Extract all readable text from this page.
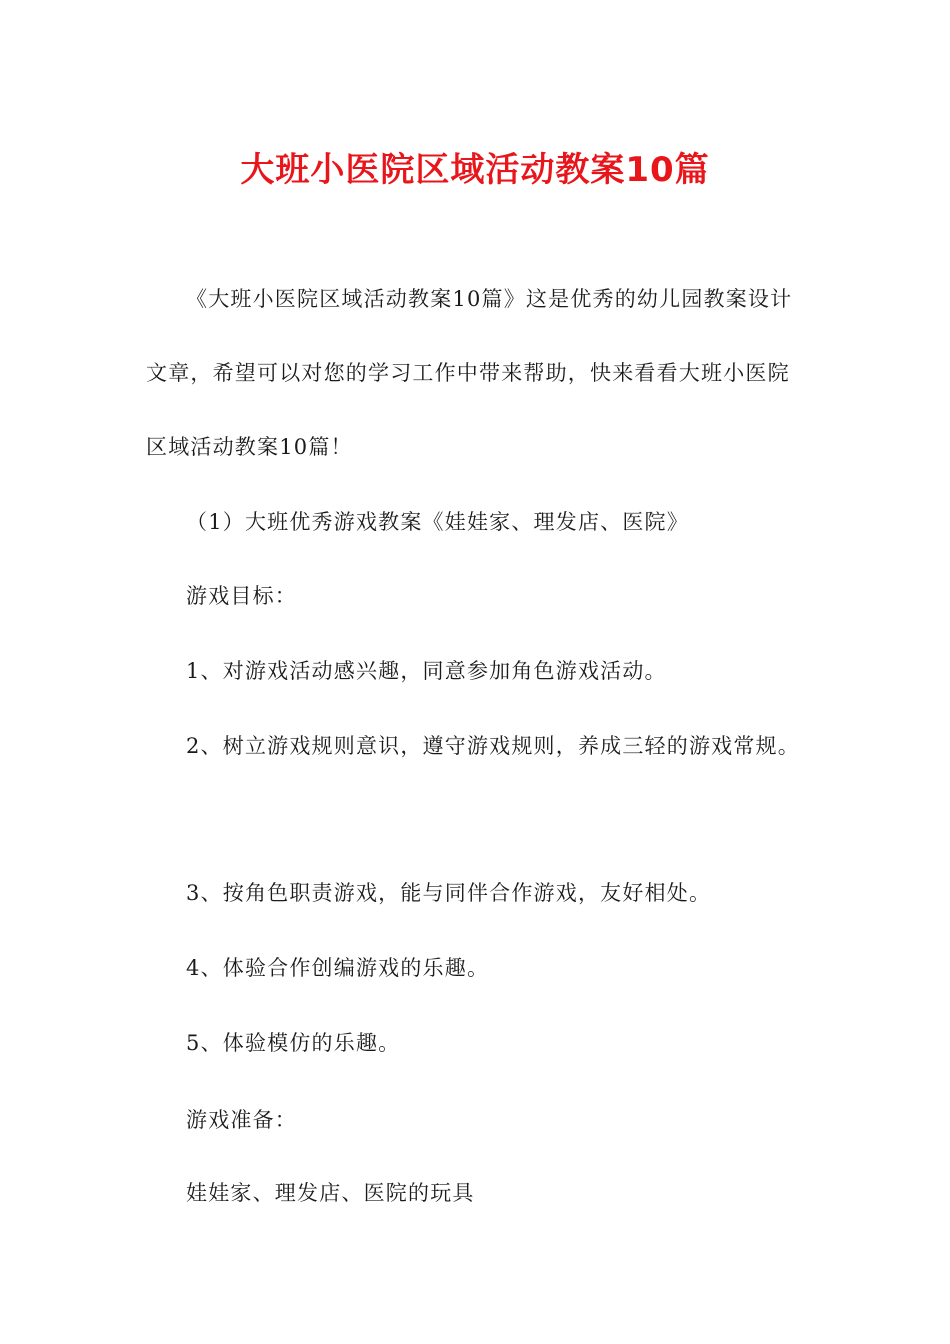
大班小医院区域活动教案10篇
《大班小医院区域活动教案10篇》这是优秀的幼儿园教案设计
文章，希望可以对您的学习工作中带来帮助，快来看看大班小医院
区域活动教案10篇！
（1）大班优秀游戏教案《娃娃家、理发店、医院》
游戏目标：
1、对游戏活动感兴趣，同意参加角色游戏活动。
2、树立游戏规则意识，遵守游戏规则，养成三轻的游戏常规。
3、按角色职责游戏，能与同伴合作游戏，友好相处。
4、体验合作创编游戏的乐趣。
5、体验模仿的乐趣。
游戏准备：
娃娃家、理发店、医院的玩具
